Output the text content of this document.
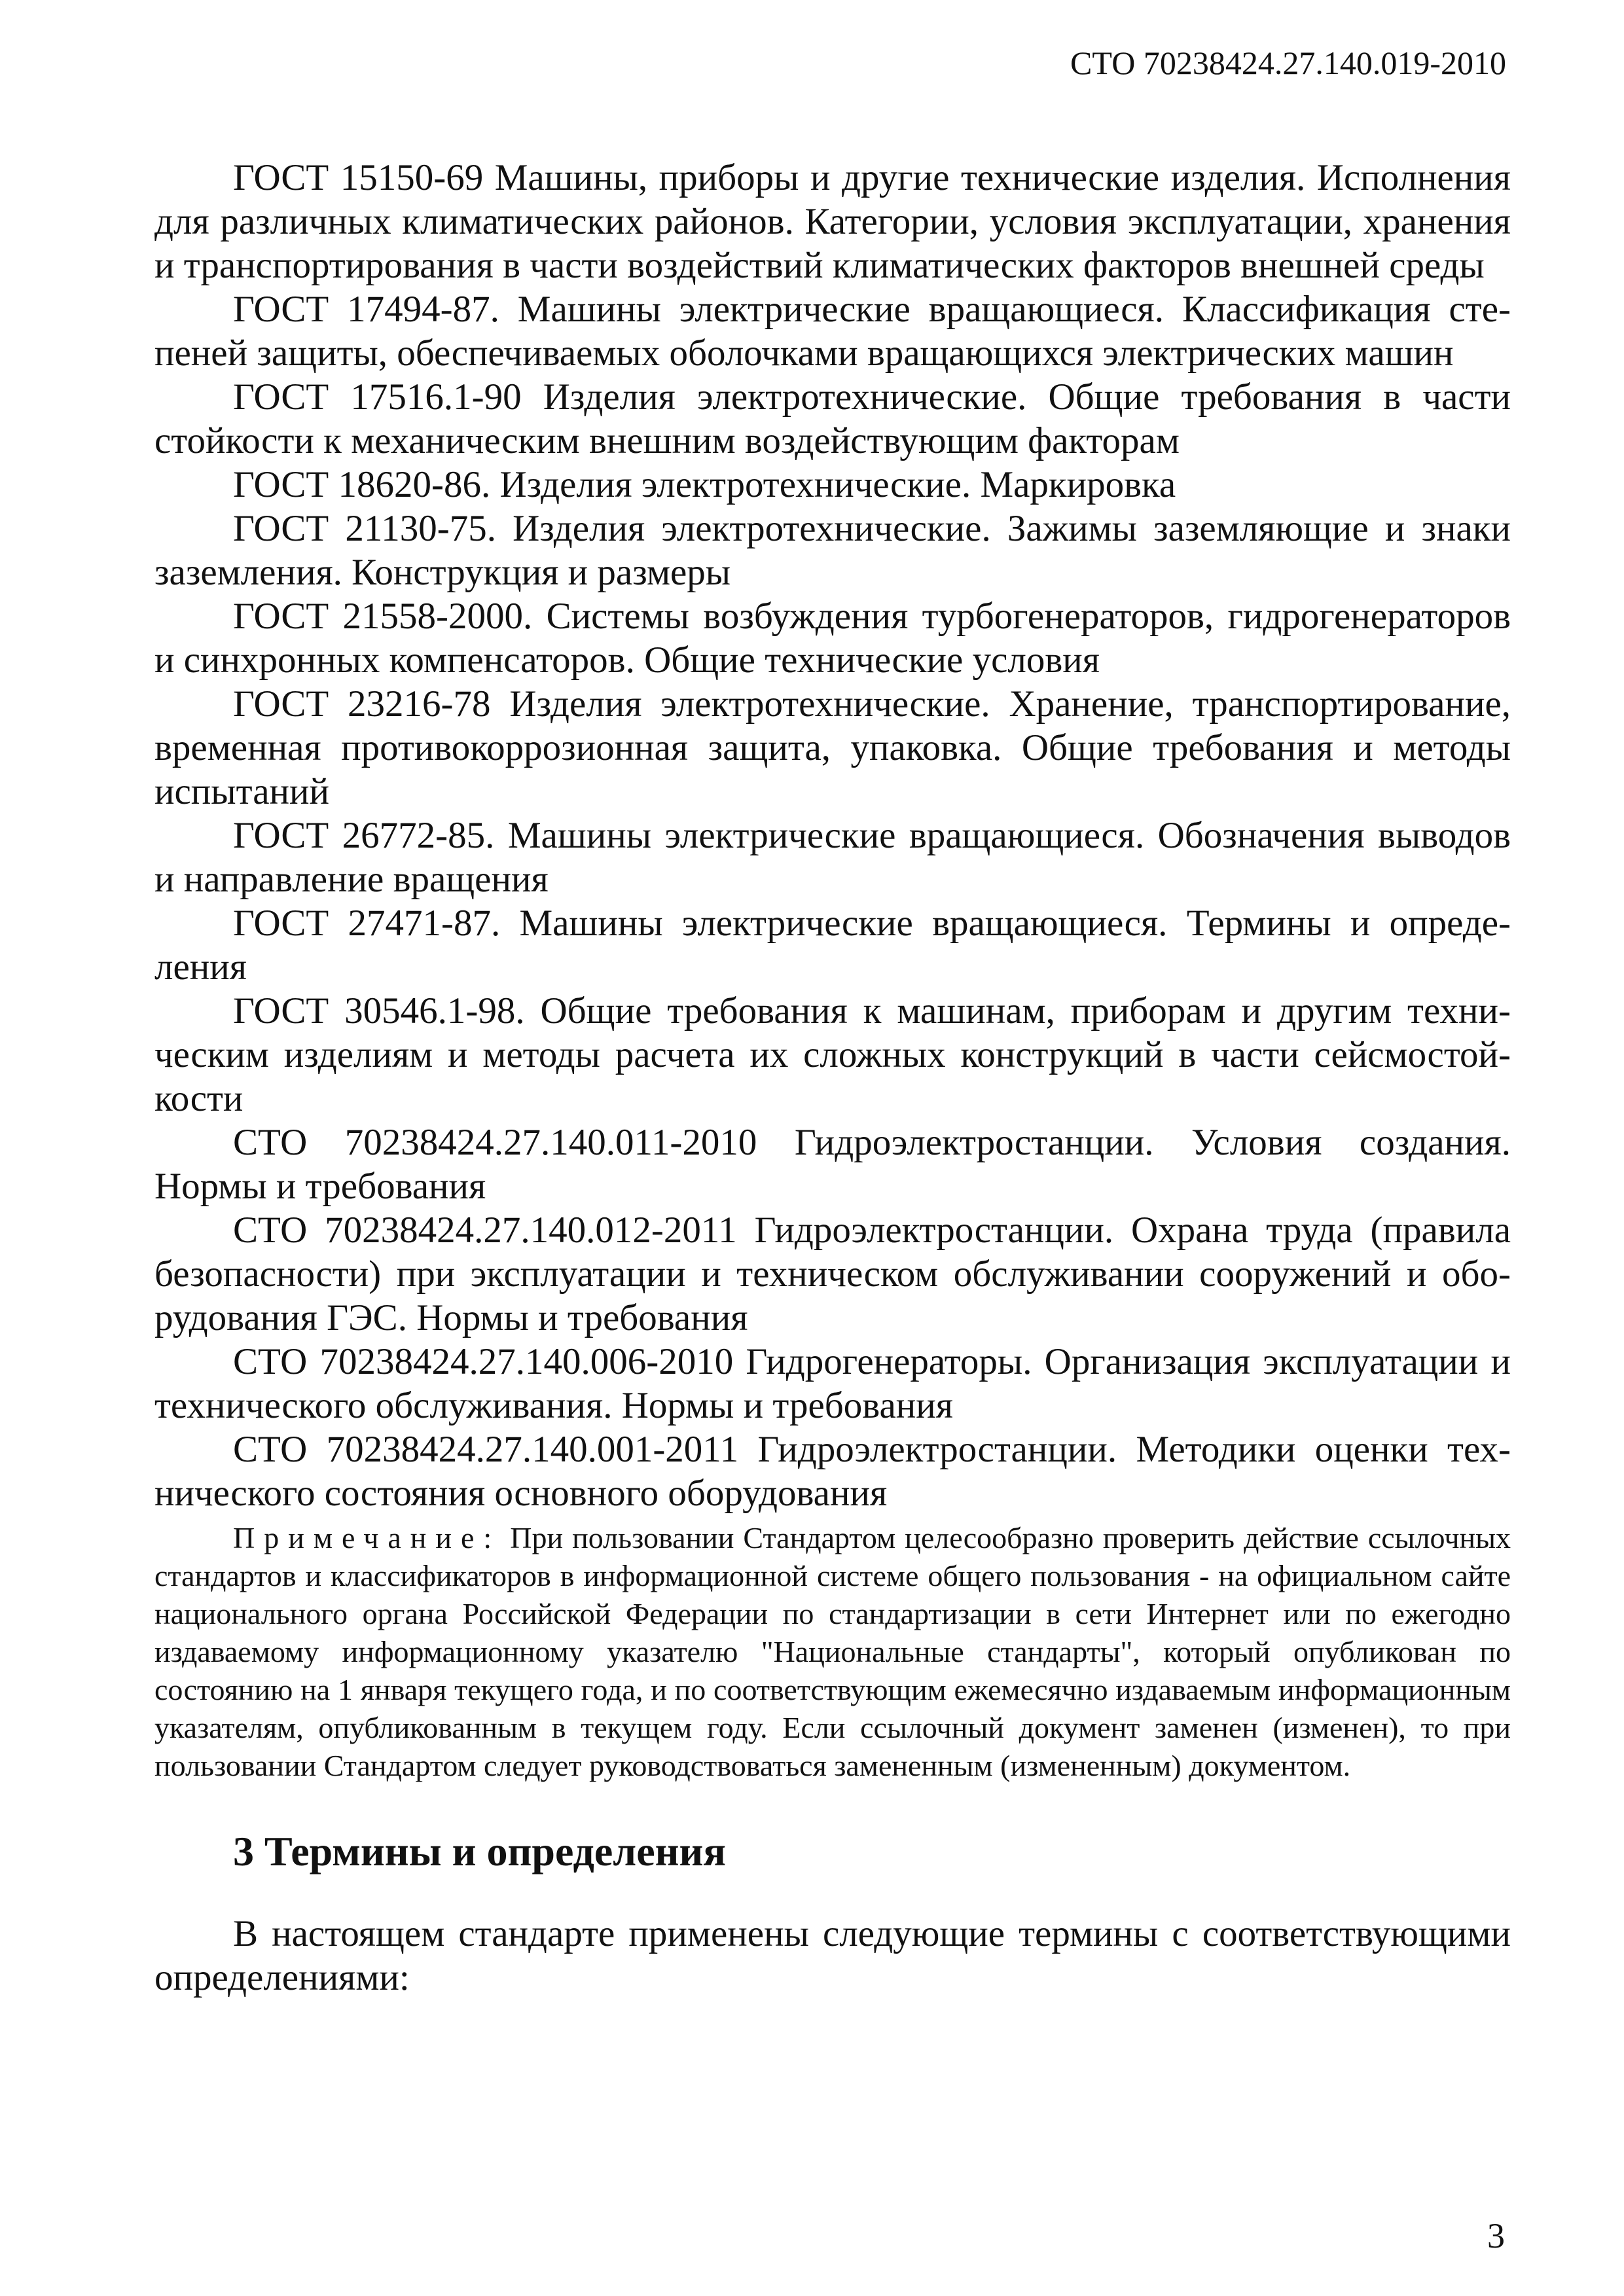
СТО 70238424.27.140.019-2010

ГОСТ 15150-69 Машины, приборы и другие технические изделия. Исполнения для различных климатических районов. Категории, условия эксплуатации, хранения и транспортирования в части воздействий климатических факторов внешней среды

ГОСТ 17494-87. Машины электрические вращающиеся. Классификация степеней защиты, обеспечиваемых оболочками вращающихся электрических машин

ГОСТ 17516.1-90 Изделия электротехнические. Общие требования в части стойкости к механическим внешним воздействующим факторам

ГОСТ 18620-86. Изделия электротехнические. Маркировка

ГОСТ 21130-75. Изделия электротехнические. Зажимы заземляющие и знаки заземления. Конструкция и размеры

ГОСТ 21558-2000. Системы возбуждения турбогенераторов, гидрогенераторов и синхронных компенсаторов. Общие технические условия

ГОСТ 23216-78 Изделия электротехнические. Хранение, транспортирование, временная противокоррозионная защита, упаковка. Общие требования и методы испытаний

ГОСТ 26772-85. Машины электрические вращающиеся. Обозначения выводов и направление вращения

ГОСТ 27471-87. Машины электрические вращающиеся. Термины и определения

ГОСТ 30546.1-98. Общие требования к машинам, приборам и другим техническим изделиям и методы расчета их сложных конструкций в части сейсмостойкости

СТО 70238424.27.140.011-2010 Гидроэлектростанции. Условия создания. Нормы и требования

СТО 70238424.27.140.012-2011 Гидроэлектростанции. Охрана труда (правила безопасности) при эксплуатации и техническом обслуживании сооружений и оборудования ГЭС. Нормы и требования

СТО 70238424.27.140.006-2010 Гидрогенераторы. Организация эксплуатации и технического обслуживания. Нормы и требования

СТО 70238424.27.140.001-2011 Гидроэлектростанции. Методики оценки технического состояния основного оборудования

Примечание: При пользовании Стандартом целесообразно проверить действие ссылочных стандартов и классификаторов в информационной системе общего пользования - на официальном сайте национального органа Российской Федерации по стандартизации в сети Интернет или по ежегодно издаваемому информационному указателю "Национальные стандарты", который опубликован по состоянию на 1 января текущего года, и по соответствующим ежемесячно издаваемым информационным указателям, опубликованным в текущем году. Если ссылочный документ заменен (изменен), то при пользовании Стандартом следует руководствоваться замененным (измененным) документом.

3 Термины и определения

В настоящем стандарте применены следующие термины с соответствующими определениями:

3
